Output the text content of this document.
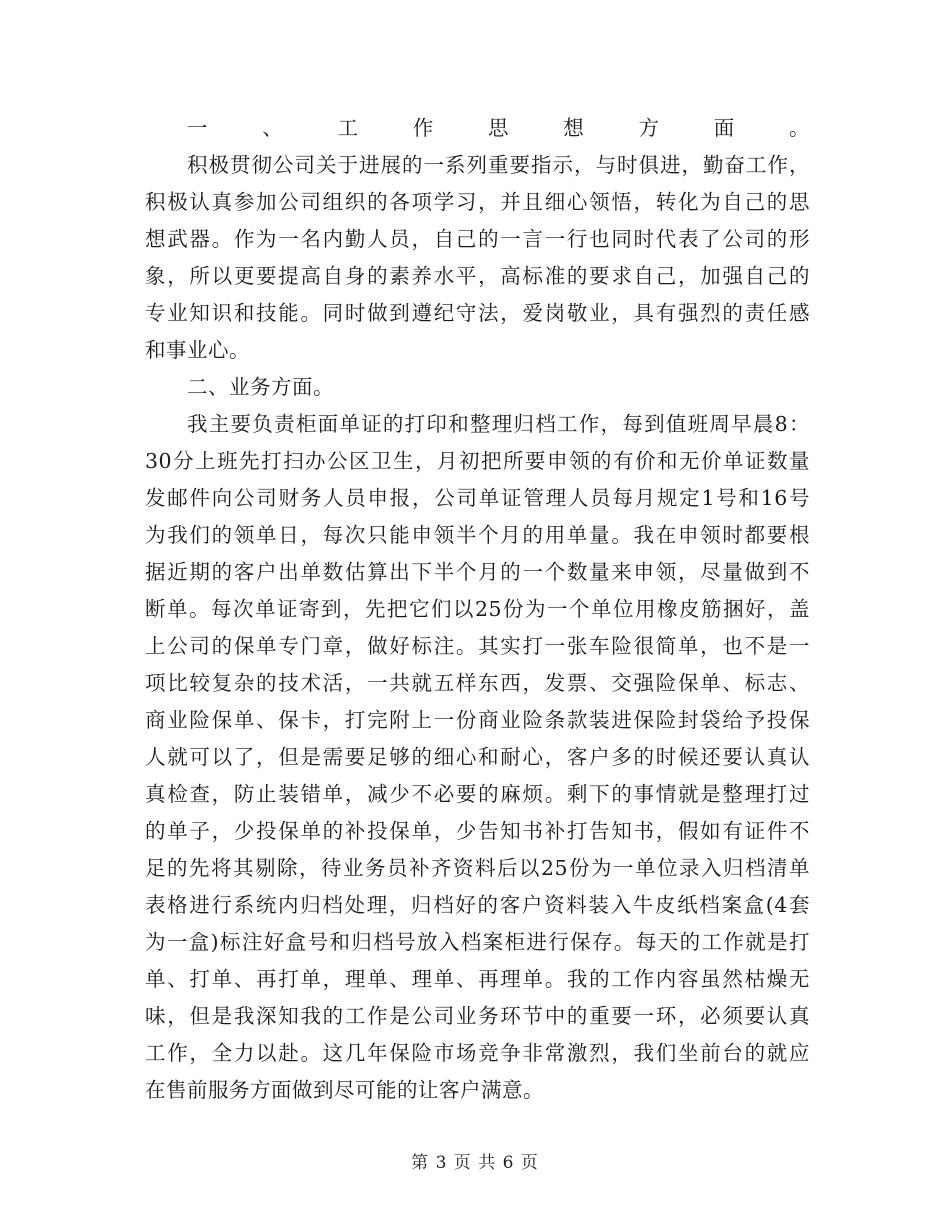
一、工作思想方面。
积极贯彻公司关于进展的一系列重要指示，与时俱进，勤奋工作，
积极认真参加公司组织的各项学习，并且细心领悟，转化为自己的思
想武器。作为一名内勤人员，自己的一言一行也同时代表了公司的形
象，所以更要提高自身的素养水平，高标准的要求自己，加强自己的
专业知识和技能。同时做到遵纪守法，爱岗敬业，具有强烈的责任感
和事业心。
二、业务方面。
我主要负责柜面单证的打印和整理归档工作，每到值班周早晨8：
30分上班先打扫办公区卫生，月初把所要申领的有价和无价单证数量
发邮件向公司财务人员申报，公司单证管理人员每月规定1号和16号
为我们的领单日，每次只能申领半个月的用单量。我在申领时都要根
据近期的客户出单数估算出下半个月的一个数量来申领，尽量做到不
断单。每次单证寄到，先把它们以25份为一个单位用橡皮筋捆好，盖
上公司的保单专门章，做好标注。其实打一张车险很简单，也不是一
项比较复杂的技术活，一共就五样东西，发票、交强险保单、标志、
商业险保单、保卡，打完附上一份商业险条款装进保险封袋给予投保
人就可以了，但是需要足够的细心和耐心，客户多的时候还要认真认
真检查，防止装错单，减少不必要的麻烦。剩下的事情就是整理打过
的单子，少投保单的补投保单，少告知书补打告知书，假如有证件不
足的先将其剔除，待业务员补齐资料后以25份为一单位录入归档清单
表格进行系统内归档处理，归档好的客户资料装入牛皮纸档案盒(4套
为一盒)标注好盒号和归档号放入档案柜进行保存。每天的工作就是打
单、打单、再打单，理单、理单、再理单。我的工作内容虽然枯燥无
味，但是我深知我的工作是公司业务环节中的重要一环，必须要认真
工作，全力以赴。这几年保险市场竞争非常激烈，我们坐前台的就应
在售前服务方面做到尽可能的让客户满意。
第 3 页 共 6 页
